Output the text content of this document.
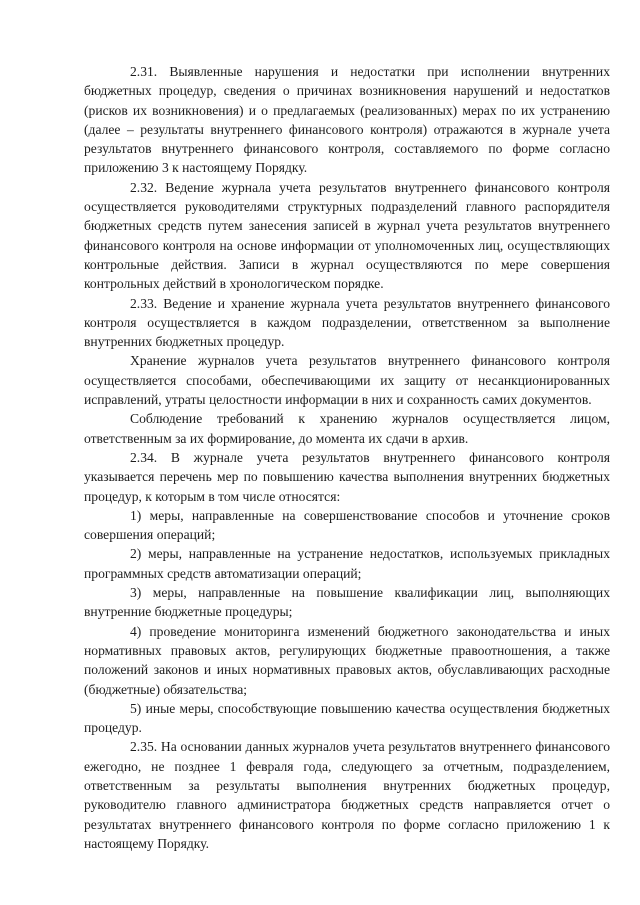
2.31. Выявленные нарушения и недостатки при исполнении внутренних бюджетных процедур, сведения о причинах возникновения нарушений и недостатков (рисков их возникновения) и о предлагаемых (реализованных) мерах по их устранению (далее – результаты внутреннего финансового контроля) отражаются в журнале учета результатов внутреннего финансового контроля, составляемого по форме согласно приложению 3 к настоящему Порядку.

2.32. Ведение журнала учета результатов внутреннего финансового контроля осуществляется руководителями структурных подразделений главного распорядителя бюджетных средств путем занесения записей в журнал учета результатов внутреннего финансового контроля на основе информации от уполномоченных лиц, осуществляющих контрольные действия. Записи в журнал осуществляются по мере совершения контрольных действий в хронологическом порядке.

2.33. Ведение и хранение журнала учета результатов внутреннего финансового контроля осуществляется в каждом подразделении, ответственном за выполнение внутренних бюджетных процедур.

Хранение журналов учета результатов внутреннего финансового контроля осуществляется способами, обеспечивающими их защиту от несанкционированных исправлений, утраты целостности информации в них и сохранность самих документов.

Соблюдение требований к хранению журналов осуществляется лицом, ответственным за их формирование, до момента их сдачи в архив.

2.34. В журнале учета результатов внутреннего финансового контроля указывается перечень мер по повышению качества выполнения внутренних бюджетных процедур, к которым в том числе относятся:

1) меры, направленные на совершенствование способов и уточнение сроков совершения операций;

2) меры, направленные на устранение недостатков, используемых прикладных программных средств автоматизации операций;

3) меры, направленные на повышение квалификации лиц, выполняющих внутренние бюджетные процедуры;

4) проведение мониторинга изменений бюджетного законодательства и иных нормативных правовых актов, регулирующих бюджетные правоотношения, а также положений законов и иных нормативных правовых актов, обуславливающих расходные (бюджетные) обязательства;

5) иные меры, способствующие повышению качества осуществления бюджетных процедур.

2.35. На основании данных журналов учета результатов внутреннего финансового ежегодно, не позднее 1 февраля года, следующего за отчетным, подразделением, ответственным за результаты выполнения внутренних бюджетных процедур, руководителю главного администратора бюджетных средств направляется отчет о результатах внутреннего финансового контроля по форме согласно приложению 1 к настоящему Порядку.
